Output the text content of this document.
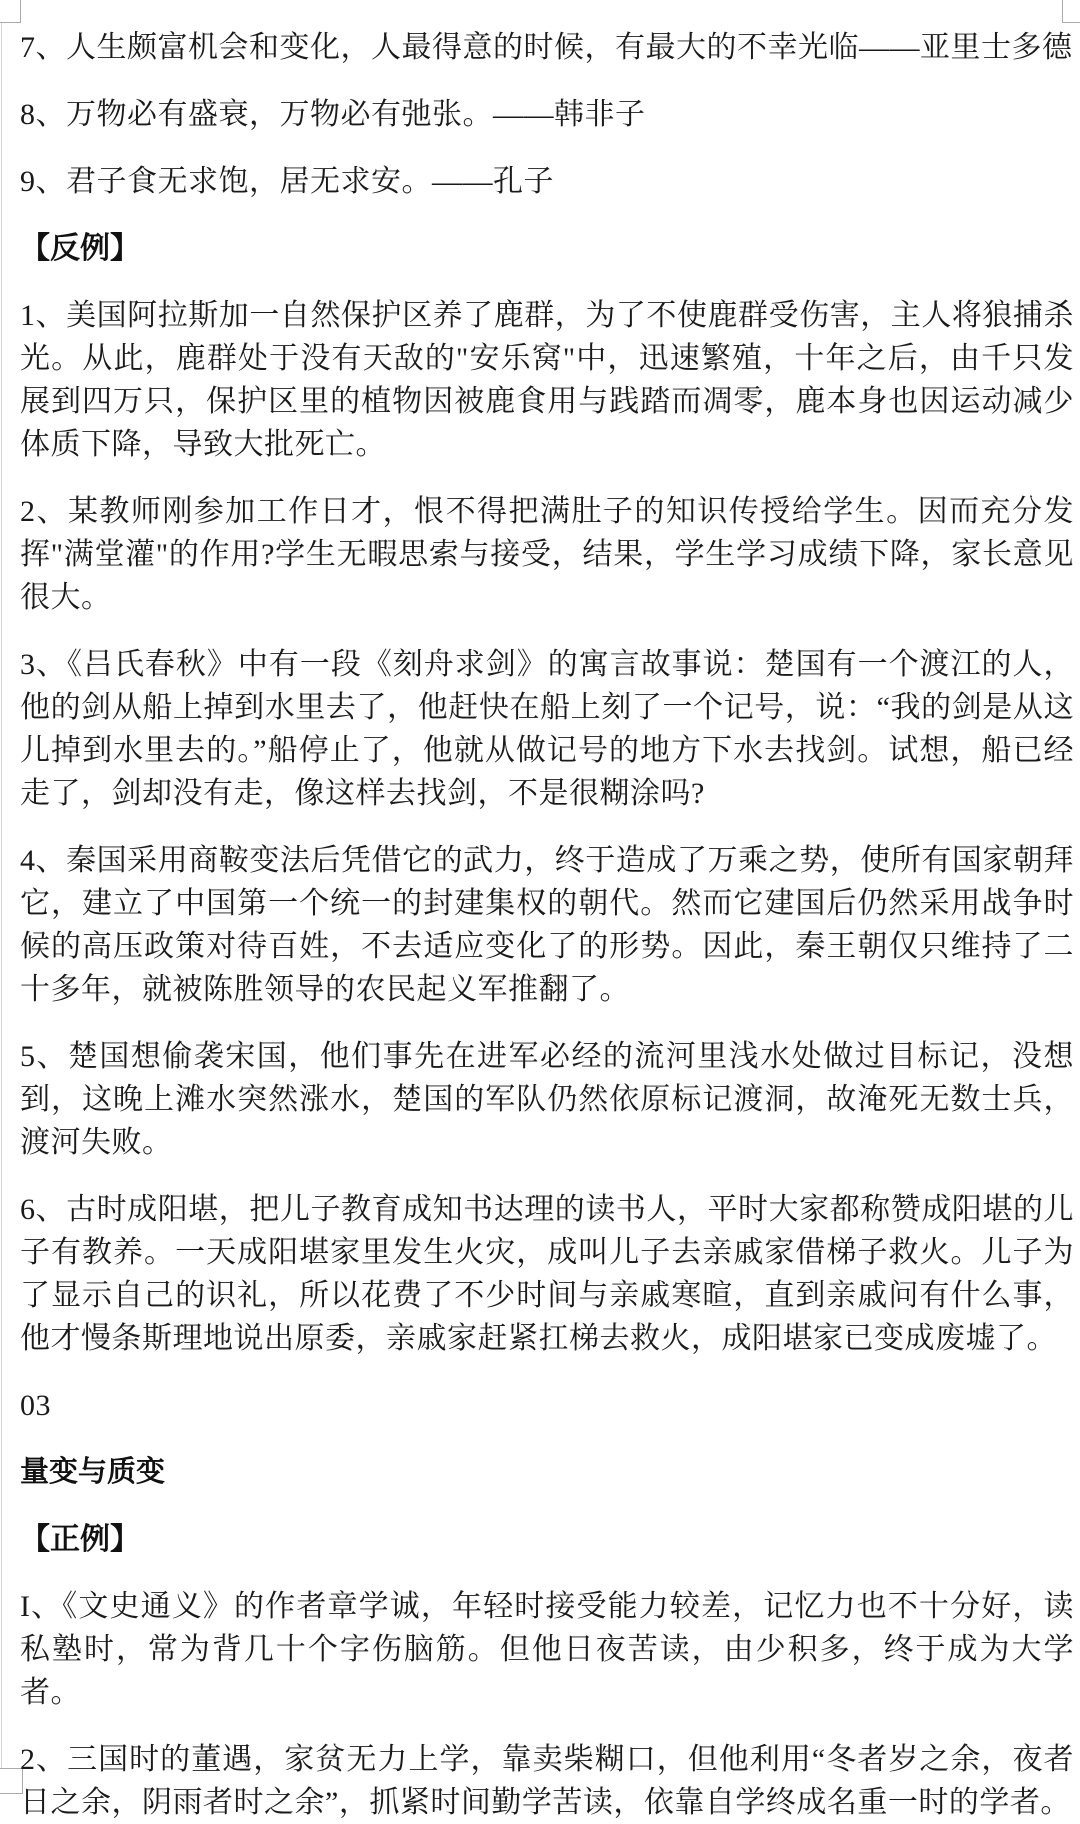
7、人生颇富机会和变化，人最得意的时候，有最大的不幸光临——亚里士多德

8、万物必有盛衰，万物必有弛张。——韩非子

9、君子食无求饱，居无求安。——孔子

【反例】

1、美国阿拉斯加一自然保护区养了鹿群，为了不使鹿群受伤害，主人将狼捕杀光。从此，鹿群处于没有天敌的"安乐窝"中，迅速繁殖，十年之后，由千只发展到四万只，保护区里的植物因被鹿食用与践踏而凋零，鹿本身也因运动减少体质下降，导致大批死亡。

2、某教师刚参加工作日才，恨不得把满肚子的知识传授给学生。因而充分发挥"满堂灌"的作用?学生无暇思索与接受，结果，学生学习成绩下降，家长意见很大。

3、《吕氏春秋》中有一段《刻舟求剑》的寓言故事说：楚国有一个渡江的人，他的剑从船上掉到水里去了，他赶快在船上刻了一个记号，说：“我的剑是从这儿掉到水里去的。”船停止了，他就从做记号的地方下水去找剑。试想，船已经走了，剑却没有走，像这样去找剑，不是很糊涂吗?

4、秦国采用商鞍变法后凭借它的武力，终于造成了万乘之势，使所有国家朝拜它，建立了中国第一个统一的封建集权的朝代。然而它建国后仍然采用战争时候的高压政策对待百姓，不去适应变化了的形势。因此，秦王朝仅只维持了二十多年，就被陈胜领导的农民起义军推翻了。

5、楚国想偷袭宋国，他们事先在进军必经的流河里浅水处做过目标记，没想到，这晚上滩水突然涨水，楚国的军队仍然依原标记渡洞，故淹死无数士兵，渡河失败。

6、古时成阳堪，把儿子教育成知书达理的读书人，平时大家都称赞成阳堪的儿子有教养。一天成阳堪家里发生火灾，成叫儿子去亲戚家借梯子救火。儿子为了显示自己的识礼，所以花费了不少时间与亲戚寒暄，直到亲戚问有什么事，他才慢条斯理地说出原委，亲戚家赶紧扛梯去救火，成阳堪家已变成废墟了。

03

量变与质变
【正例】

I、《文史通义》的作者章学诚，年轻时接受能力较差，记忆力也不十分好，读私塾时，常为背几十个字伤脑筋。但他日夜苦读，由少积多，终于成为大学者。

2、三国时的董遇，家贫无力上学，靠卖柴糊口，但他利用“冬者岁之余，夜者日之余，阴雨者时之余”，抓紧时间勤学苦读，依靠自学终成名重一时的学者。
